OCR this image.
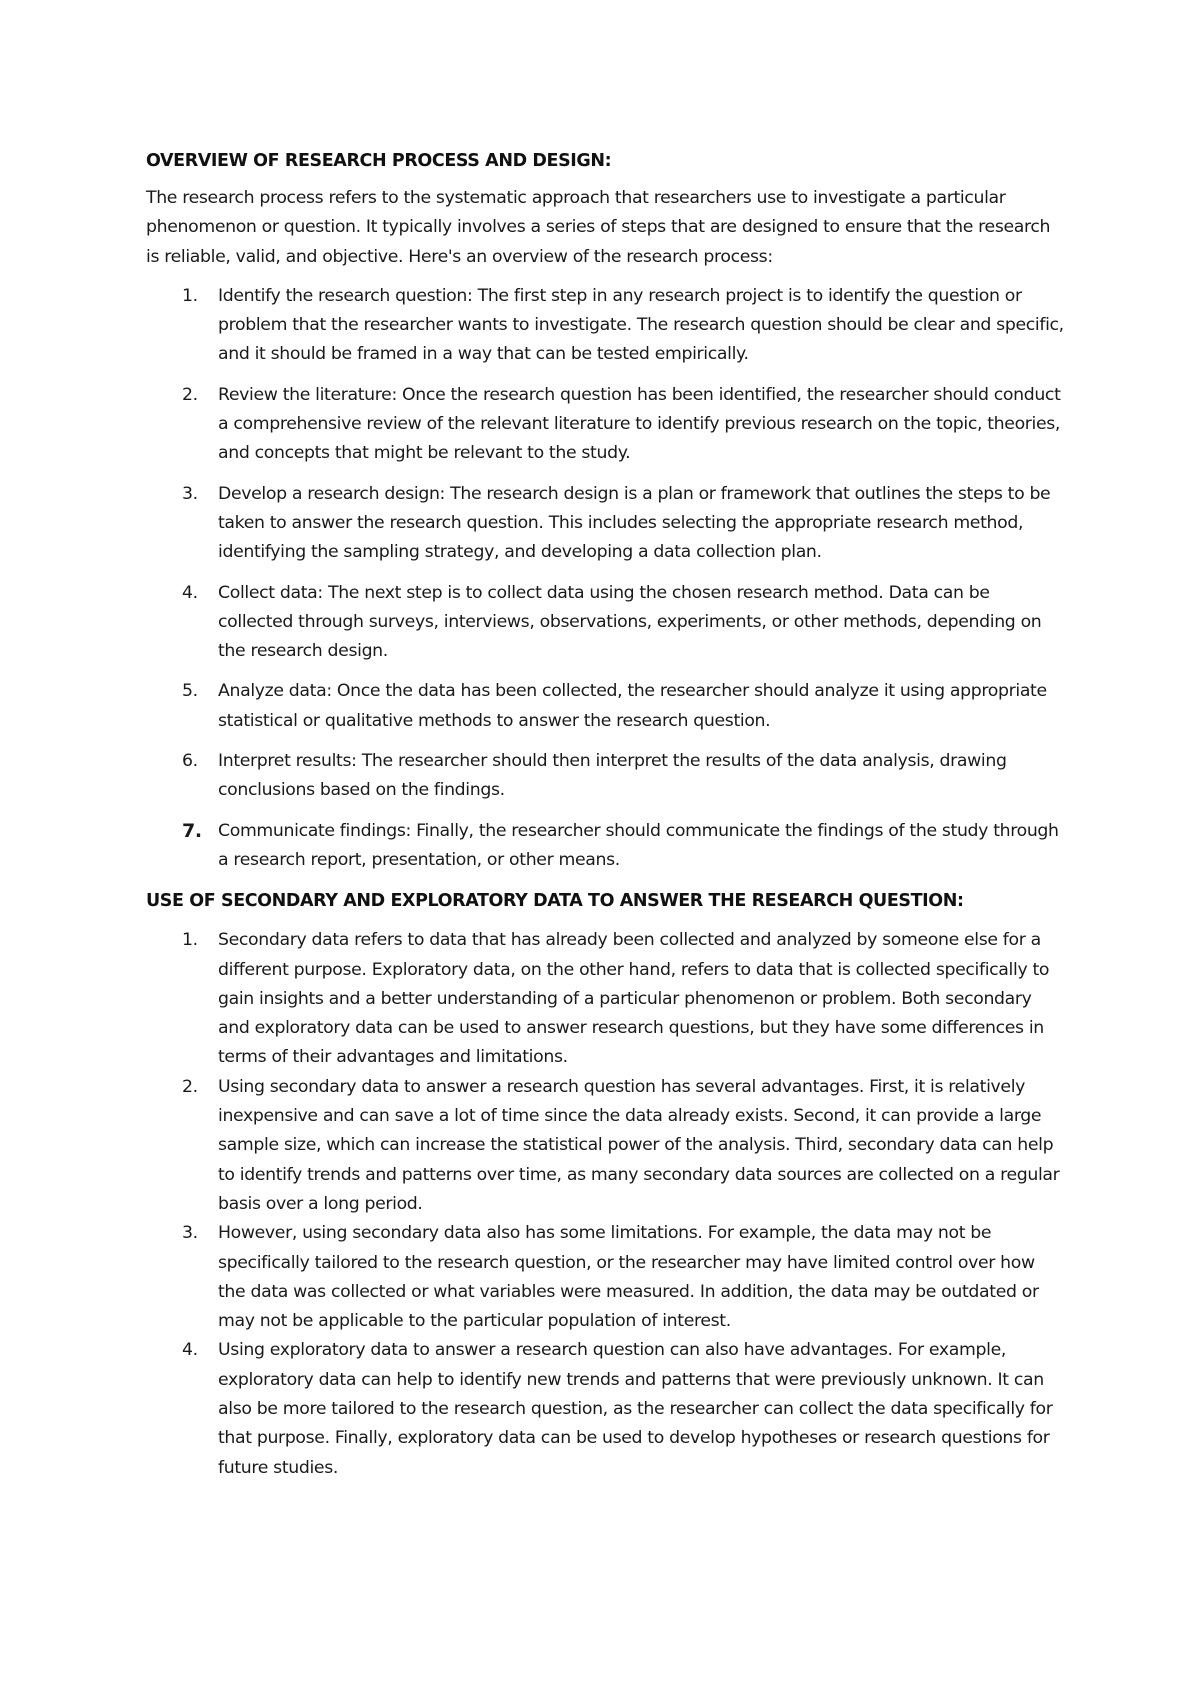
OVERVIEW OF RESEARCH PROCESS AND DESIGN:

The research process refers to the systematic approach that researchers use to investigate a particular phenomenon or question. It typically involves a series of steps that are designed to ensure that the research is reliable, valid, and objective. Here's an overview of the research process:

1. Identify the research question: The first step in any research project is to identify the question or problem that the researcher wants to investigate. The research question should be clear and specific, and it should be framed in a way that can be tested empirically.
2. Review the literature: Once the research question has been identified, the researcher should conduct a comprehensive review of the relevant literature to identify previous research on the topic, theories, and concepts that might be relevant to the study.
3. Develop a research design: The research design is a plan or framework that outlines the steps to be taken to answer the research question. This includes selecting the appropriate research method, identifying the sampling strategy, and developing a data collection plan.
4. Collect data: The next step is to collect data using the chosen research method. Data can be collected through surveys, interviews, observations, experiments, or other methods, depending on the research design.
5. Analyze data: Once the data has been collected, the researcher should analyze it using appropriate statistical or qualitative methods to answer the research question.
6. Interpret results: The researcher should then interpret the results of the data analysis, drawing conclusions based on the findings.
7. Communicate findings: Finally, the researcher should communicate the findings of the study through a research report, presentation, or other means.
USE OF SECONDARY AND EXPLORATORY DATA TO ANSWER THE RESEARCH QUESTION:
1. Secondary data refers to data that has already been collected and analyzed by someone else for a different purpose. Exploratory data, on the other hand, refers to data that is collected specifically to gain insights and a better understanding of a particular phenomenon or problem. Both secondary and exploratory data can be used to answer research questions, but they have some differences in terms of their advantages and limitations.
2. Using secondary data to answer a research question has several advantages. First, it is relatively inexpensive and can save a lot of time since the data already exists. Second, it can provide a large sample size, which can increase the statistical power of the analysis. Third, secondary data can help to identify trends and patterns over time, as many secondary data sources are collected on a regular basis over a long period.
3. However, using secondary data also has some limitations. For example, the data may not be specifically tailored to the research question, or the researcher may have limited control over how the data was collected or what variables were measured. In addition, the data may be outdated or may not be applicable to the particular population of interest.
4. Using exploratory data to answer a research question can also have advantages. For example, exploratory data can help to identify new trends and patterns that were previously unknown. It can also be more tailored to the research question, as the researcher can collect the data specifically for that purpose. Finally, exploratory data can be used to develop hypotheses or research questions for future studies.
